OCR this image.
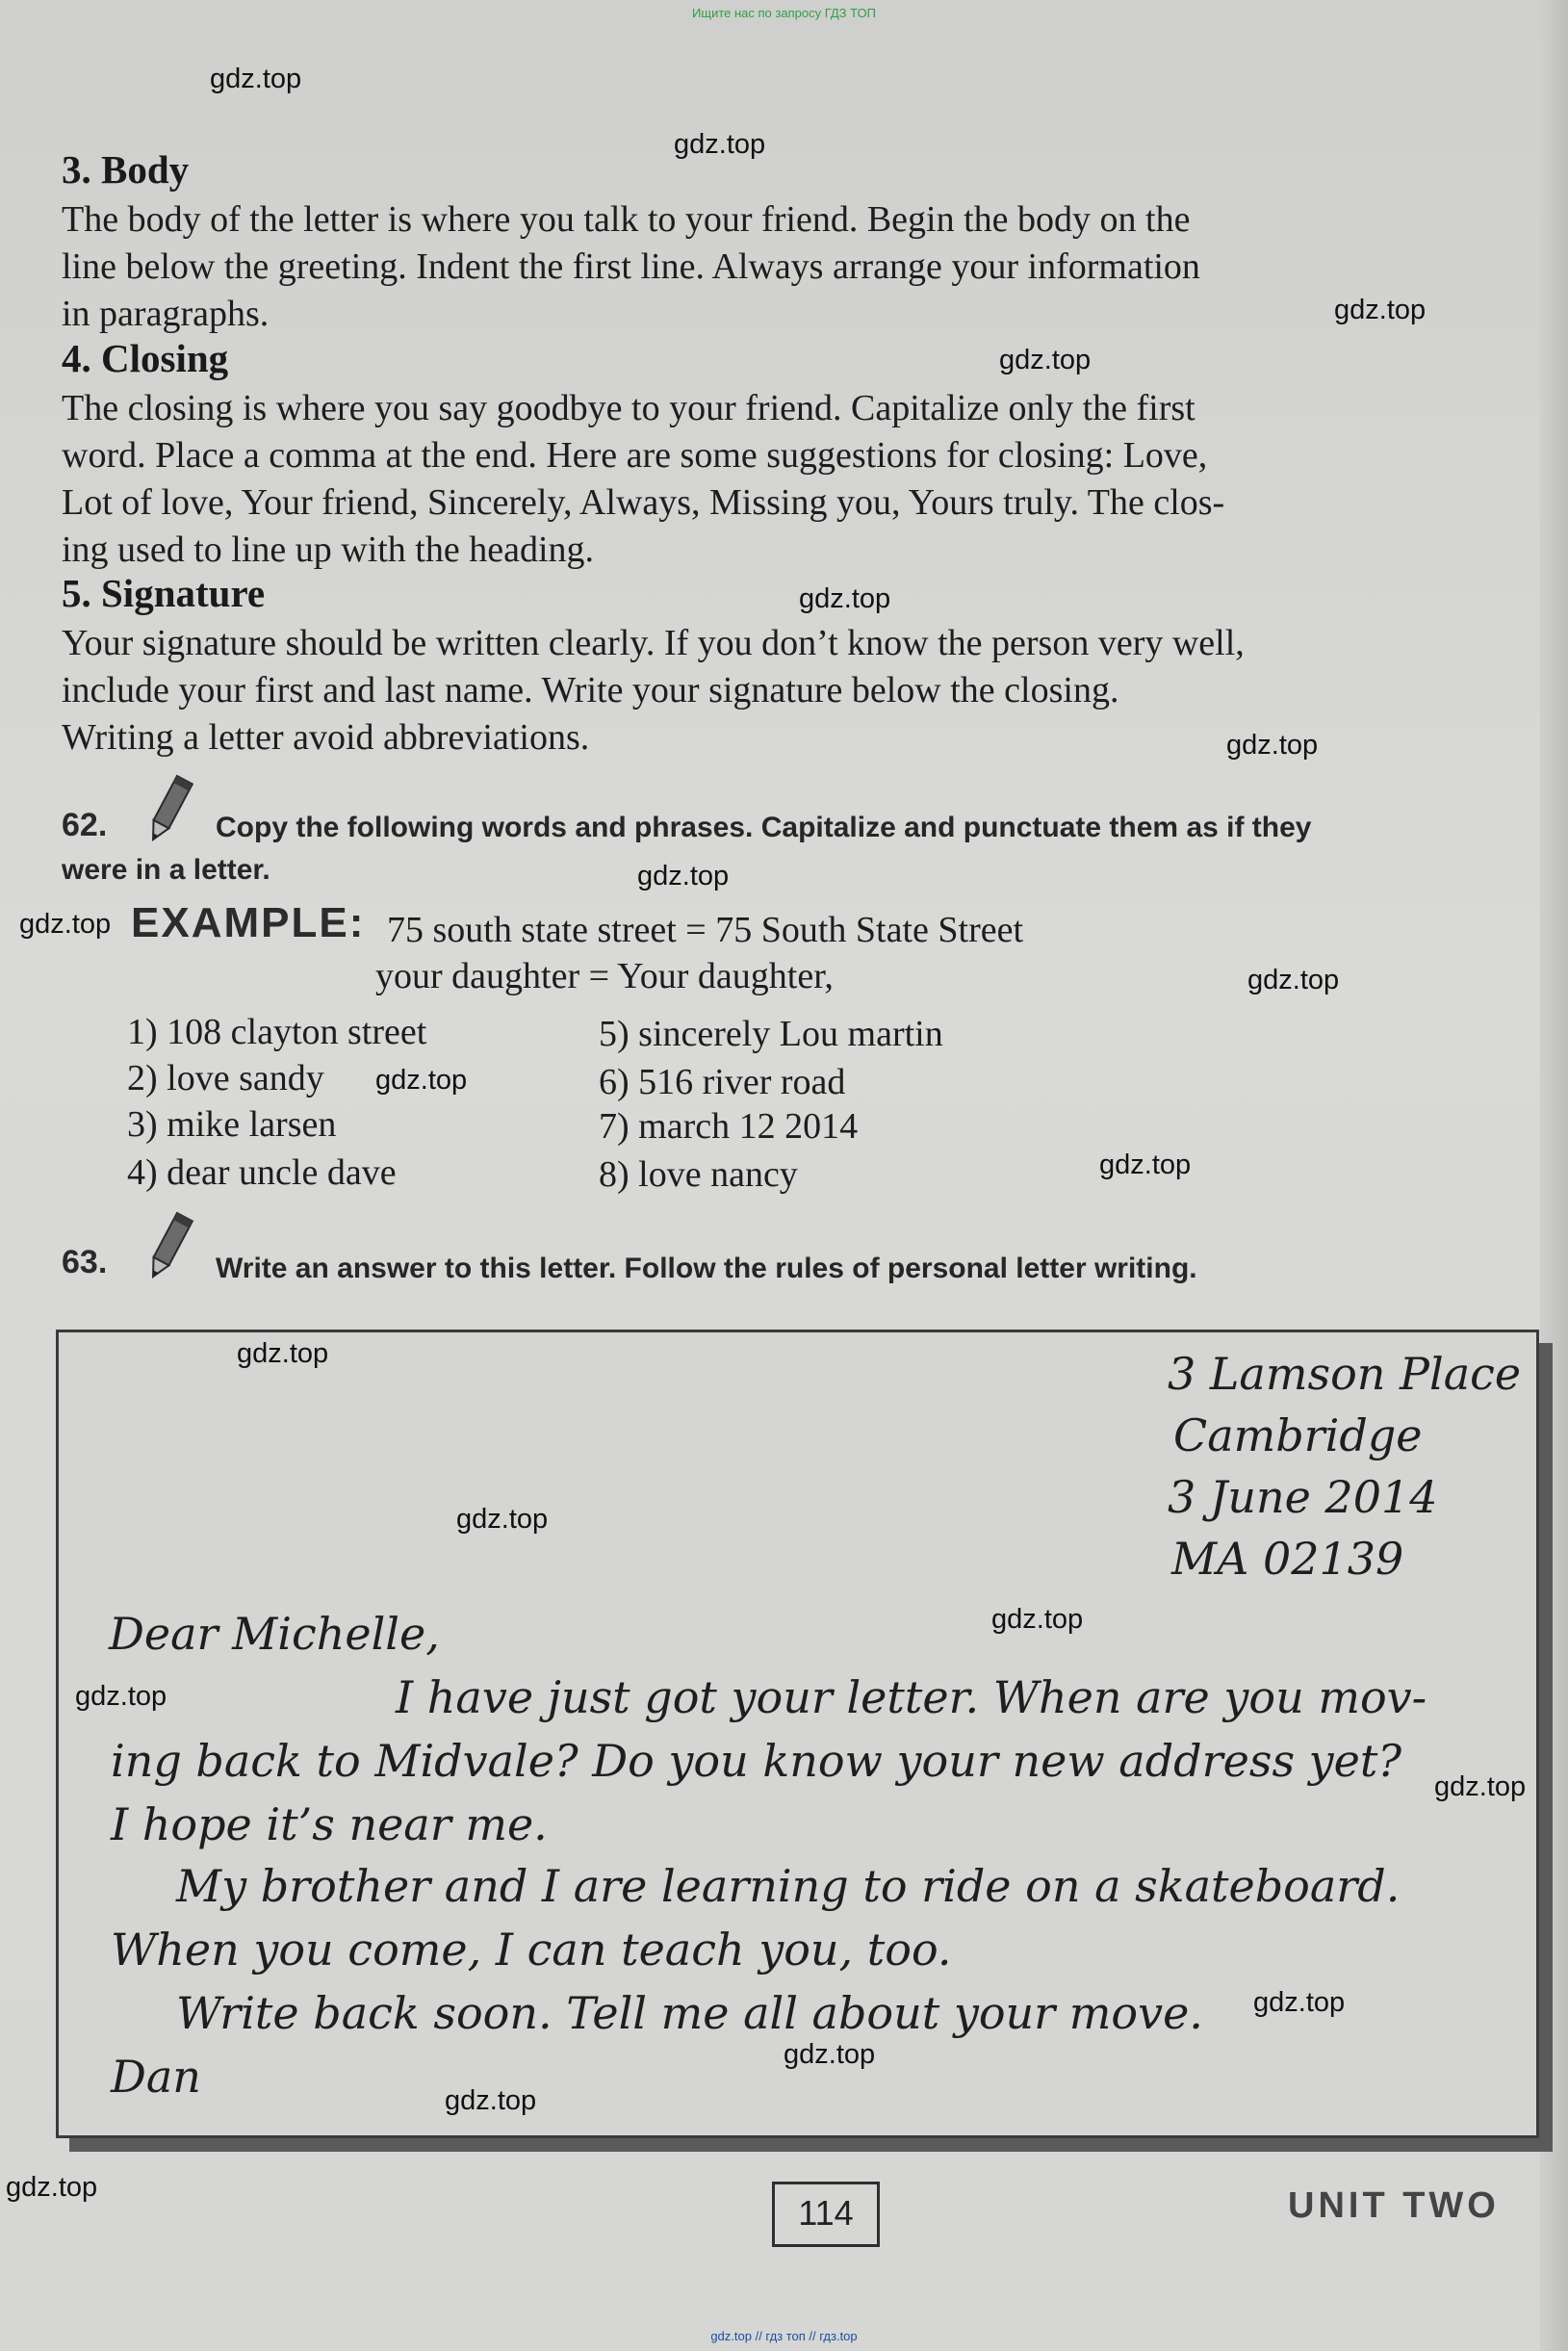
Ищите нас по запросу ГДЗ ТОП
3. Body
The body of the letter is where you talk to your friend. Begin the body on the
line below the greeting. Indent the first line. Always arrange your information
in paragraphs.
4. Closing
The closing is where you say goodbye to your friend. Capitalize only the first
word. Place a comma at the end. Here are some suggestions for closing: Love,
Lot of love, Your friend, Sincerely, Always, Missing you, Yours truly. The clos-
ing used to line up with the heading.
5. Signature
Your signature should be written clearly. If you don’t know the person very well,
include your first and last name. Write your signature below the closing.
Writing a letter avoid abbreviations.
62.	Copy the following words and phrases. Capitalize and punctuate them as if they
were in a letter.
EXAMPLE: 75 south state street = 75 South State Street
your daughter = Your daughter,
1) 108 clayton street
2) love sandy
3) mike larsen
4) dear uncle dave
5) sincerely Lou martin
6) 516 river road
7) march 12 2014
8) love nancy
63.	Write an answer to this letter. Follow the rules of personal letter writing.
3 Lamson Place
Cambridge
3 June 2014
MA 02139
Dear Michelle,
I have just got your letter. When are you mov-
ing back to Midvale? Do you know your new address yet?
I hope it’s near me.
My brother and I are learning to ride on a skateboard.
When you come, I can teach you, too.
Write back soon. Tell me all about your move.
Dan
114	UNIT TWO
gdz.top
gdz.top
gdz.top
gdz.top
gdz.top
gdz.top
gdz.top
gdz.top
gdz.top
gdz.top
gdz.top
gdz.top
gdz.top
gdz.top
gdz.top
gdz.top
gdz.top
gdz.top
gdz.top
gdz.top
gdz.top // гдз топ // гдз.top
